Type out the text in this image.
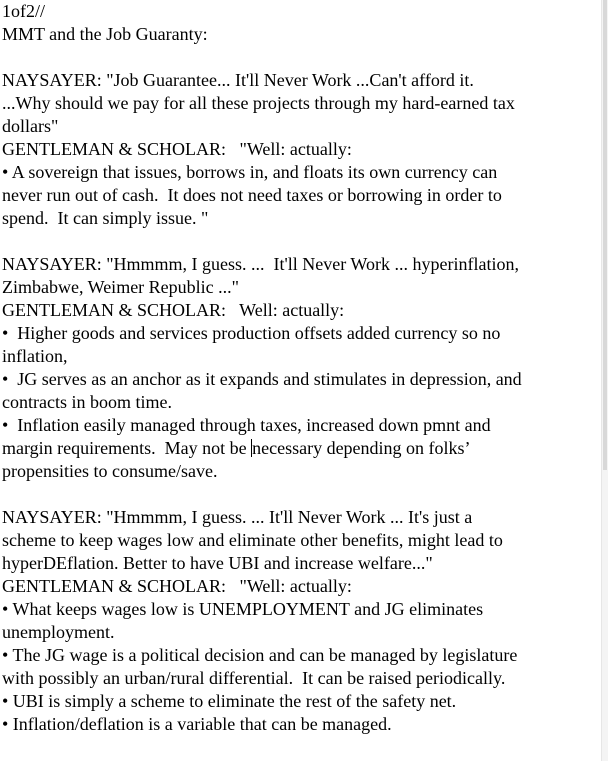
1of2//
MMT and the Job Guaranty:
NAYSAYER: "Job Guarantee... It'll Never Work ...Can't afford it.
...Why should we pay for all these projects through my hard-earned tax
dollars"
GENTLEMAN & SCHOLAR:   "Well: actually:
• A sovereign that issues, borrows in, and floats its own currency can
never run out of cash.  It does not need taxes or borrowing in order to
spend.  It can simply issue. "
NAYSAYER: "Hmmmm, I guess. ...  It'll Never Work ... hyperinflation,
Zimbabwe, Weimer Republic ..."
GENTLEMAN & SCHOLAR:   Well: actually:
•  Higher goods and services production offsets added currency so no
inflation,
•  JG serves as an anchor as it expands and stimulates in depression, and
contracts in boom time.
•  Inflation easily managed through taxes, increased down pmnt and
margin requirements.  May not be necessary depending on folks’
propensities to consume/save.
NAYSAYER: "Hmmmm, I guess. ... It'll Never Work ... It's just a
scheme to keep wages low and eliminate other benefits, might lead to
hyperDEflation. Better to have UBI and increase welfare..."
GENTLEMAN & SCHOLAR:   "Well: actually:
• What keeps wages low is UNEMPLOYMENT and JG eliminates
unemployment.
• The JG wage is a political decision and can be managed by legislature
with possibly an urban/rural differential.  It can be raised periodically.
• UBI is simply a scheme to eliminate the rest of the safety net.
• Inflation/deflation is a variable that can be managed.
